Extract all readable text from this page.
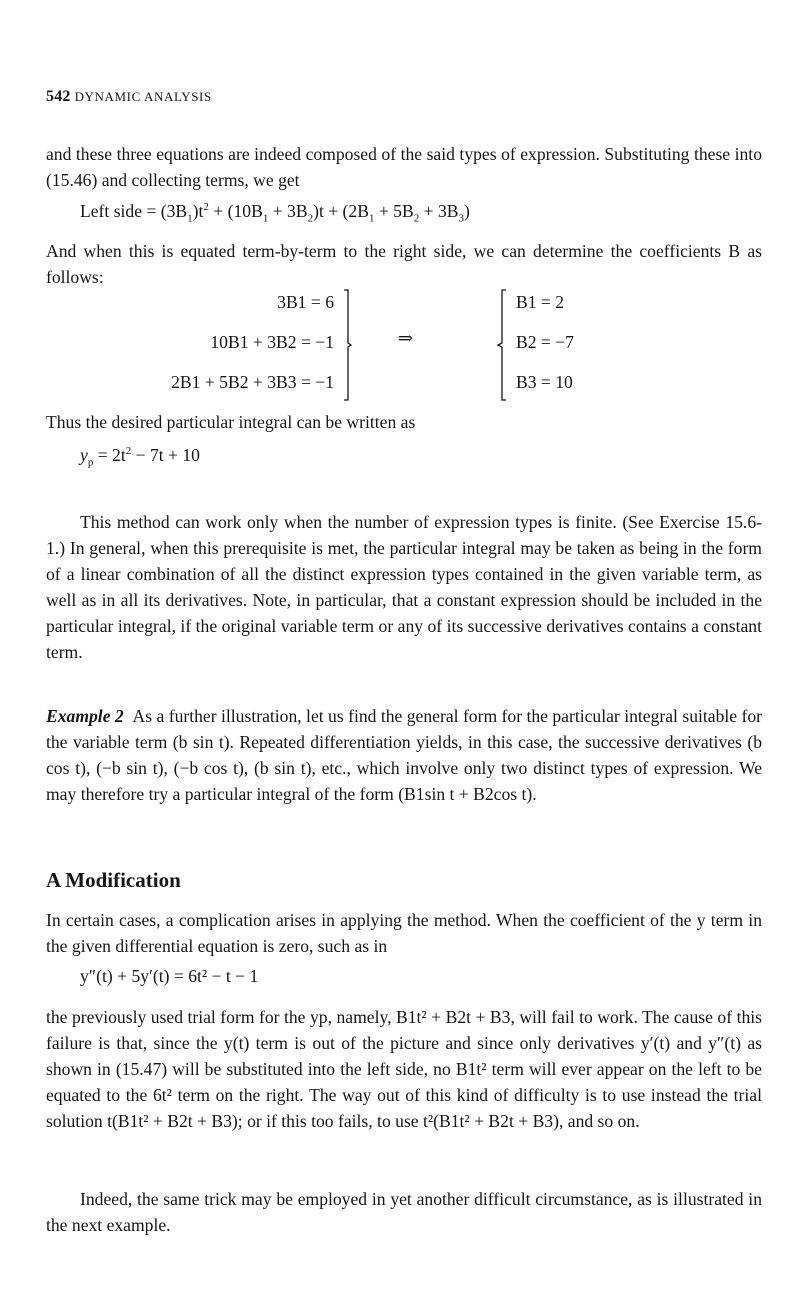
542 DYNAMIC ANALYSIS
and these three equations are indeed composed of the said types of expression. Substituting these into (15.46) and collecting terms, we get
Left side = $(3B_1)t^2 + (10B_1 + 3B_2)t + (2B_1 + 5B_2 + 3B_3)$
And when this is equated term-by-term to the right side, we can determine the coefficients B as follows:
3B1 = 6
10B1 + 3B2 = −1
2B1 + 5B2 + 3B3 = −1
⇒
B1 = 2
B2 = −7
B3 = 10
Thus the desired particular integral can be written as
$y_p = 2t^2 - 7t + 10$
This method can work only when the number of expression types is finite. (See Exercise 15.6-1.) In general, when this prerequisite is met, the particular integral may be taken as being in the form of a linear combination of all the distinct expression types contained in the given variable term, as well as in all its derivatives. Note, in particular, that a constant expression should be included in the particular integral, if the original variable term or any of its successive derivatives contains a constant term.
Example 2 As a further illustration, let us find the general form for the particular integral suitable for the variable term (b sin t). Repeated differentiation yields, in this case, the successive derivatives (b cos t), (−b sin t), (−b cos t), (b sin t), etc., which involve only two distinct types of expression. We may therefore try a particular integral of the form (B1sin t + B2cos t).
A Modification
In certain cases, a complication arises in applying the method. When the coefficient of the y term in the given differential equation is zero, such as in
y″(t) + 5y′(t) = 6t² − t − 1
the previously used trial form for the yp, namely, B1t² + B2t + B3, will fail to work. The cause of this failure is that, since the y(t) term is out of the picture and since only derivatives y′(t) and y″(t) as shown in (15.47) will be substituted into the left side, no B1t² term will ever appear on the left to be equated to the 6t² term on the right. The way out of this kind of difficulty is to use instead the trial solution t(B1t² + B2t + B3); or if this too fails, to use t²(B1t² + B2t + B3), and so on.
Indeed, the same trick may be employed in yet another difficult circumstance, as is illustrated in the next example.
